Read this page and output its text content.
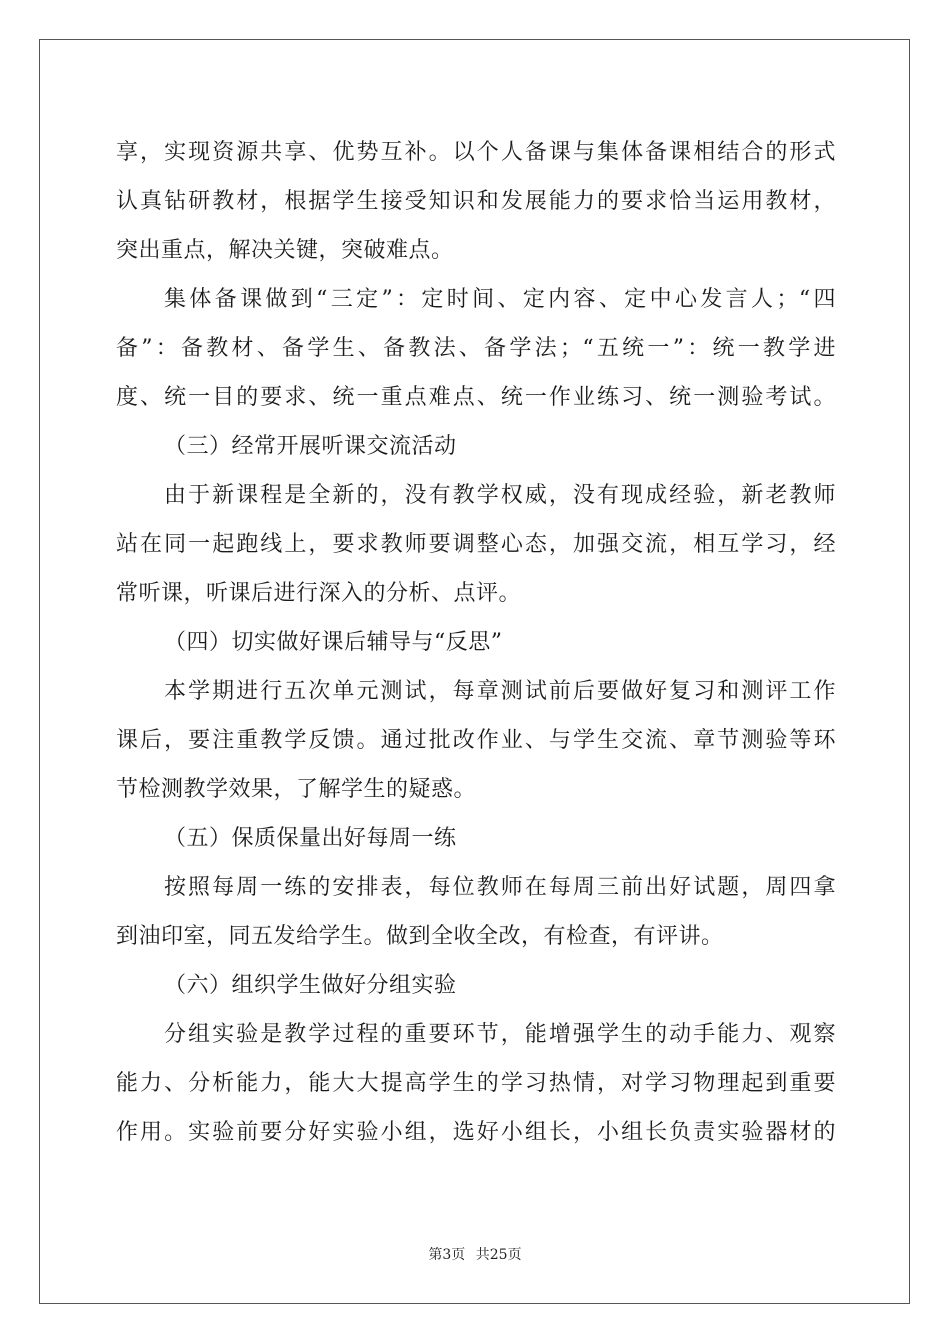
享，实现资源共享、优势互补。以个人备课与集体备课相结合的形式
认真钻研教材，根据学生接受知识和发展能力的要求恰当运用教材，
突出重点，解决关键，突破难点。
集体备课做到“三定”：定时间、定内容、定中心发言人；“四
备”：备教材、备学生、备教法、备学法；“五统一”：统一教学进
度、统一目的要求、统一重点难点、统一作业练习、统一测验考试。
（三）经常开展听课交流活动
由于新课程是全新的，没有教学权威，没有现成经验，新老教师
站在同一起跑线上，要求教师要调整心态，加强交流，相互学习，经
常听课，听课后进行深入的分析、点评。
（四）切实做好课后辅导与“反思”
本学期进行五次单元测试，每章测试前后要做好复习和测评工作
课后，要注重教学反馈。通过批改作业、与学生交流、章节测验等环
节检测教学效果，了解学生的疑惑。
（五）保质保量出好每周一练
按照每周一练的安排表，每位教师在每周三前出好试题，周四拿
到油印室，同五发给学生。做到全收全改，有检查，有评讲。
（六）组织学生做好分组实验
分组实验是教学过程的重要环节，能增强学生的动手能力、观察
能力、分析能力，能大大提高学生的学习热情，对学习物理起到重要
作用。实验前要分好实验小组，选好小组长，小组长负责实验器材的
第3页 共25页
